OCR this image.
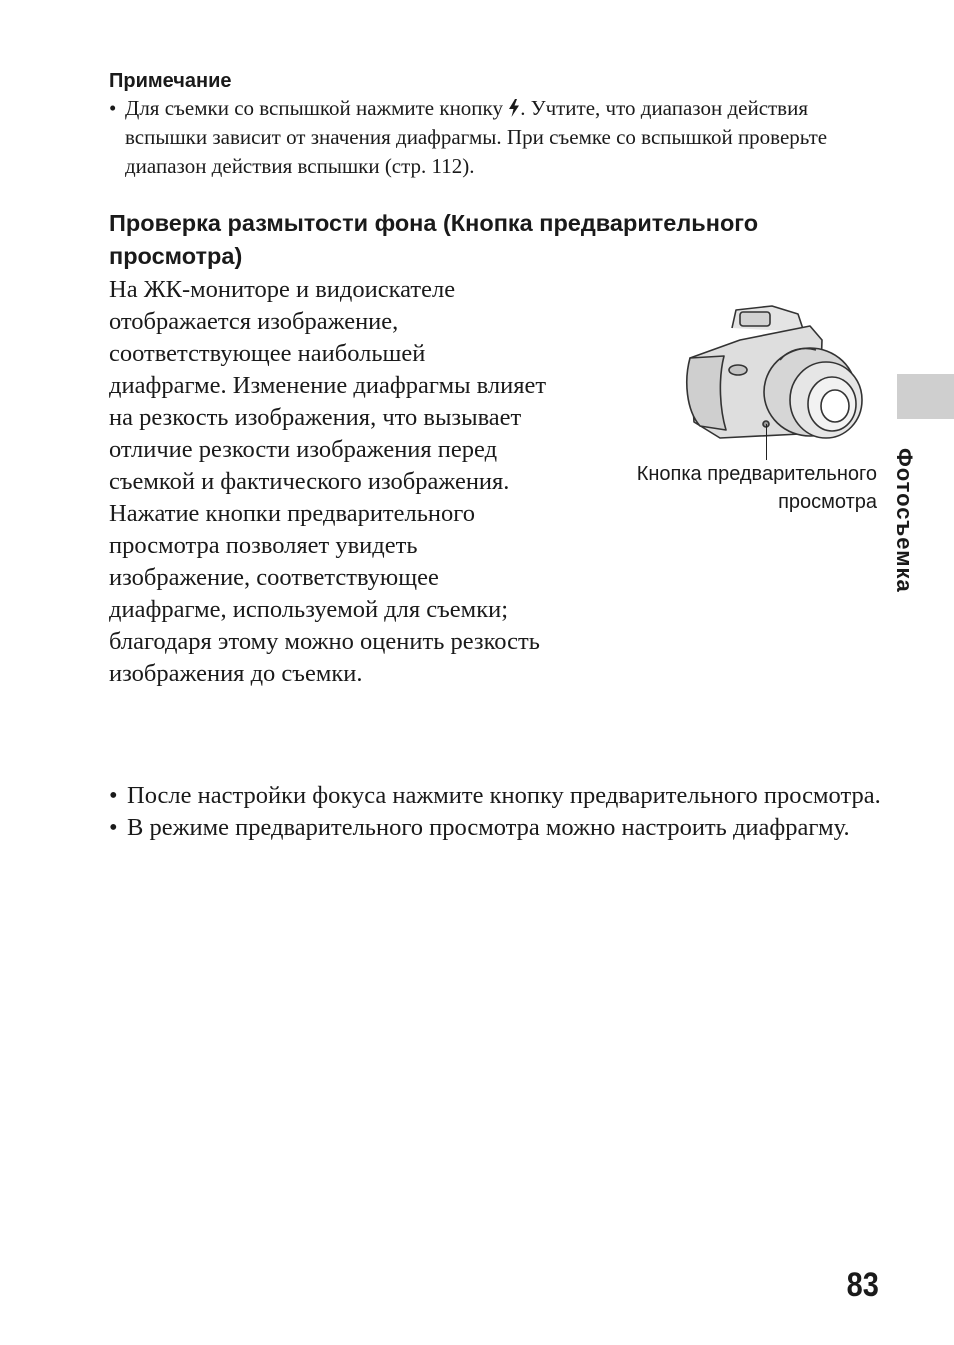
Примечание
• Для съемки со вспышкой нажмите кнопку . Учтите, что диапазон действия вспышки зависит от значения диафрагмы. При съемке со вспышкой проверьте диапазон действия вспышки (стр. 112).
Проверка размытости фона (Кнопка предварительного просмотра)
На ЖК-мониторе и видоискателе отображается изображение, соответствующее наибольшей диафрагме. Изменение диафрагмы влияет на резкость изображения, что вызывает отличие резкости изображения перед съемкой и фактического изображения. Нажатие кнопки предварительного просмотра позволяет увидеть изображение, соответствующее диафрагме, используемой для съемки; благодаря этому можно оценить резкость изображения до съемки.
Кнопка предварительного
просмотра
• После настройки фокуса нажмите кнопку предварительного просмотра.
• В режиме предварительного просмотра можно настроить диафрагму.
Фотосъемка
83
